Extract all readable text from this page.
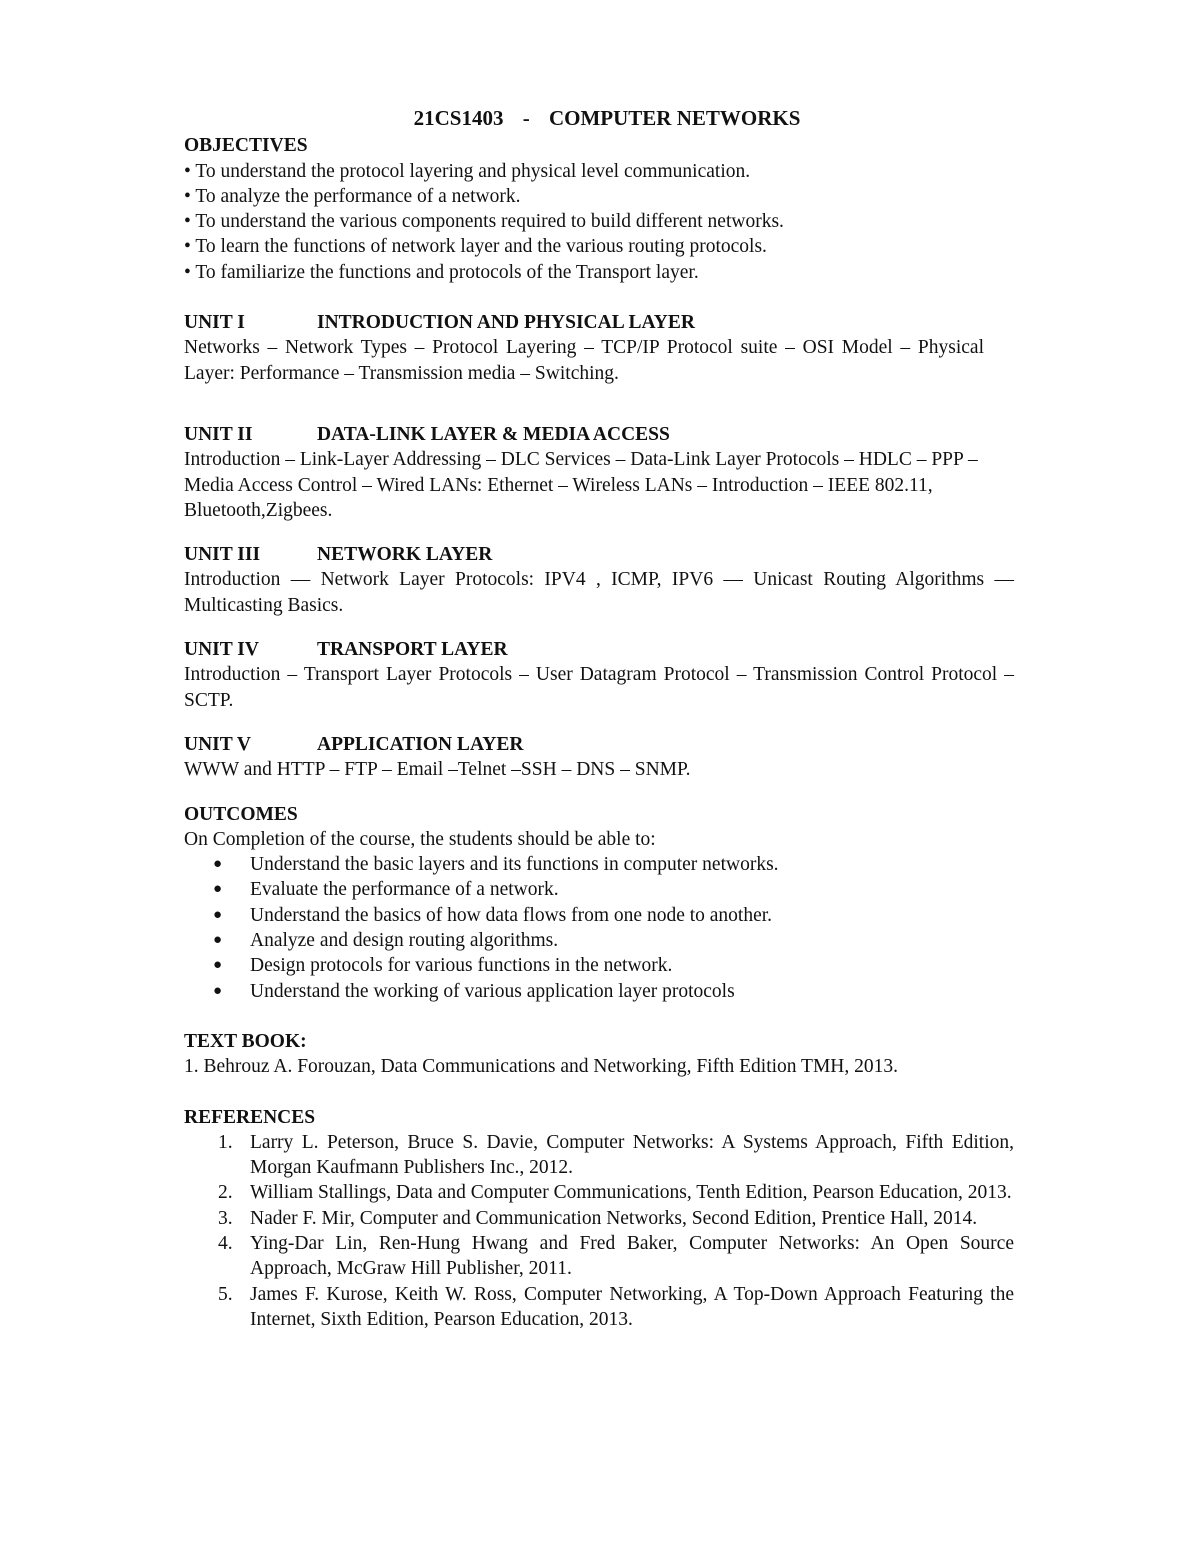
21CS1403 - COMPUTER NETWORKS
OBJECTIVES
• To understand the protocol layering and physical level communication.
• To analyze the performance of a network.
• To understand the various components required to build different networks.
• To learn the functions of network layer and the various routing protocols.
• To familiarize the functions and protocols of the Transport layer.
UNIT I	INTRODUCTION AND PHYSICAL LAYER
Networks – Network Types – Protocol Layering – TCP/IP Protocol suite – OSI Model – Physical Layer: Performance – Transmission media – Switching.
UNIT II	DATA-LINK LAYER & MEDIA ACCESS
Introduction – Link-Layer Addressing – DLC Services – Data-Link Layer Protocols – HDLC – PPP – Media Access Control – Wired LANs: Ethernet – Wireless LANs – Introduction – IEEE 802.11, Bluetooth,Zigbees.
UNIT III	NETWORK LAYER
Introduction — Network Layer Protocols: IPV4 , ICMP, IPV6 — Unicast Routing Algorithms — Multicasting Basics.
UNIT IV	TRANSPORT LAYER
Introduction – Transport Layer Protocols – User Datagram Protocol – Transmission Control Protocol – SCTP.
UNIT V	APPLICATION LAYER
WWW and HTTP – FTP – Email –Telnet –SSH – DNS – SNMP.
OUTCOMES
On Completion of the course, the students should be able to:
● Understand the basic layers and its functions in computer networks.
● Evaluate the performance of a network.
● Understand the basics of how data flows from one node to another.
● Analyze and design routing algorithms.
● Design protocols for various functions in the network.
● Understand the working of various application layer protocols
TEXT BOOK:
1. Behrouz A. Forouzan, Data Communications and Networking, Fifth Edition TMH, 2013.
REFERENCES
1. Larry L. Peterson, Bruce S. Davie, Computer Networks: A Systems Approach, Fifth Edition, Morgan Kaufmann Publishers Inc., 2012.
2. William Stallings, Data and Computer Communications, Tenth Edition, Pearson Education, 2013.
3. Nader F. Mir, Computer and Communication Networks, Second Edition, Prentice Hall, 2014.
4. Ying-Dar Lin, Ren-Hung Hwang and Fred Baker, Computer Networks: An Open Source Approach, McGraw Hill Publisher, 2011.
5. James F. Kurose, Keith W. Ross, Computer Networking, A Top-Down Approach Featuring the Internet, Sixth Edition, Pearson Education, 2013.
